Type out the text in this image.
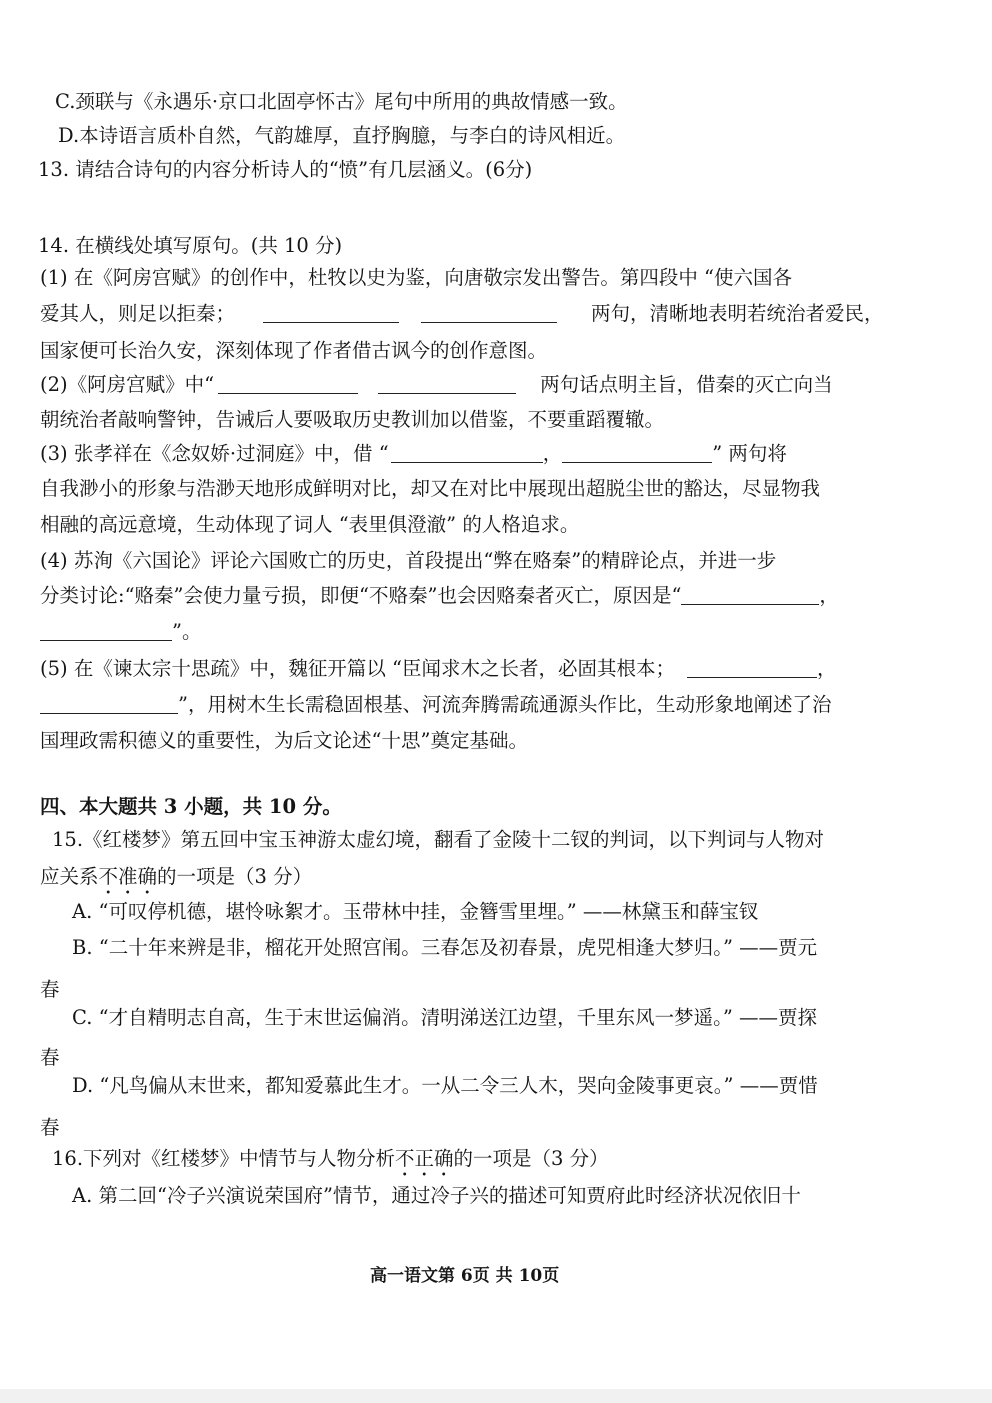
C.颈联与《永遇乐·京口北固亭怀古》尾句中所用的典故情感一致。
D.本诗语言质朴自然，气韵雄厚，直抒胸臆，与李白的诗风相近。
13. 请结合诗句的内容分析诗人的“愤”有几层涵义。(6分)
14. 在横线处填写原句。(共 10 分)
(1) 在《阿房宫赋》的创作中，杜牧以史为鉴，向唐敬宗发出警告。第四段中 “使六国各
爱其人，则足以拒秦；	两句，清晰地表明若统治者爱民，
国家便可长治久安，深刻体现了作者借古讽今的创作意图。
(2)《阿房宫赋》中“	两句话点明主旨，借秦的灭亡向当
朝统治者敲响警钟，告诫后人要吸取历史教训加以借鉴，不要重蹈覆辙。
(3) 张孝祥在《念奴娇·过洞庭》中，借 “	，	” 两句将
自我渺小的形象与浩渺天地形成鲜明对比，却又在对比中展现出超脱尘世的豁达，尽显物我
相融的高远意境，生动体现了词人 “表里俱澄澈” 的人格追求。
(4) 苏洵《六国论》评论六国败亡的历史，首段提出“弊在赂秦”的精辟论点，并进一步
分类讨论:“赂秦”会使力量亏损，即便“不赂秦”也会因赂秦者灭亡，原因是“	，
”。
(5) 在《谏太宗十思疏》中，魏征开篇以 “臣闻求木之长者，必固其根本；	，
”，用树木生长需稳固根基、河流奔腾需疏通源头作比，生动形象地阐述了治
国理政需积德义的重要性，为后文论述“十思”奠定基础。
四、本大题共 3 小题，共 10 分。
15.《红楼梦》第五回中宝玉神游太虚幻境，翻看了金陵十二钗的判词，以下判词与人物对
应关系不准确的一项是（3 分）
A. “可叹停机德，堪怜咏絮才。玉带林中挂，金簪雪里埋。” ——林黛玉和薛宝钗
B. “二十年来辨是非，榴花开处照宫闱。三春怎及初春景，虎兕相逢大梦归。” ——贾元
春
C. “才自精明志自高，生于末世运偏消。清明涕送江边望，千里东风一梦遥。” ——贾探
春
D. “凡鸟偏从末世来，都知爱慕此生才。一从二令三人木，哭向金陵事更哀。” ——贾惜
春
16.下列对《红楼梦》中情节与人物分析不正确的一项是（3 分）
A. 第二回“冷子兴演说荣国府”情节，通过冷子兴的描述可知贾府此时经济状况依旧十
高一语文第 6页 共 10页
